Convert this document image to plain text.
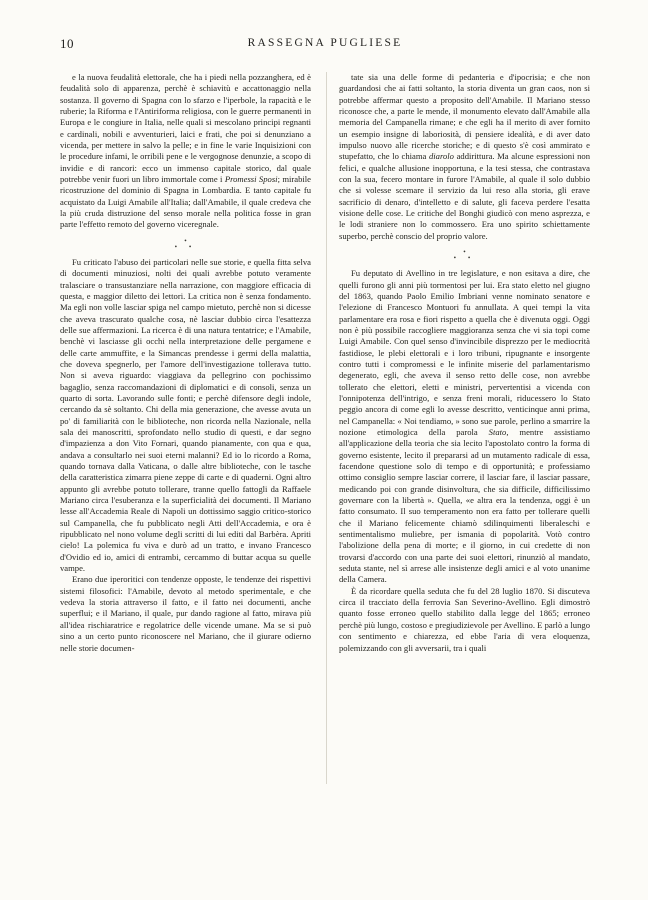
10	RASSEGNA PUGLIESE

e la nuova feudalità elettorale, che ha i piedi nella pozzanghera, ed è feudalità solo di apparenza, perchè è schiavitù e accattonaggio nella sostanza. Il governo di Spagna con lo sfarzo e l'iperbole, la rapacità e le ruberie; la Riforma e l'Antiriforma religiosa, con le guerre permanenti in Europa e le congiure in Italia, nelle quali si mescolano principi regnanti e cardinali, nobili e avventurieri, laici e frati, che poi si denunziano a vicenda, per mettere in salvo la pelle; e in fine le varie Inquisizioni con le procedure infami, le orribili pene e le vergognose denunzie, a scopo di invidie e di rancori: ecco un immenso capitale storico, dal quale potrebbe venir fuori un libro immortale come i Promessi Sposi; mirabile ricostruzione del dominio di Spagna in Lombardia. E tanto capitale fu acquistato da Luigi Amabile all'Italia; dall'Amabile, il quale credeva che la più cruda distruzione del senso morale nella politica fosse in gran parte l'effetto remoto del governo viceregnale.

•
• •

Fu criticato l'abuso dei particolari nelle sue storie, e quella fitta selva di documenti minuziosi, nolti dei quali avrebbe potuto veramente tralasciare o transustanziare nella narrazione, con maggiore efficacia di questa, e maggior diletto dei lettori. La critica non è senza fondamento. Ma egli non volle lasciar spiga nel campo mietuto, perchè non si dicesse che aveva trascurato qualche cosa, nè lasciar dubbio circa l'esattezza delle sue affermazioni. La ricerca è di una natura tentatrice; e l'Amabile, benchè vi lasciasse gli occhi nella interpretazione delle pergamene e delle carte ammuffite, e la Simancas prendesse i germi della malattia, che doveva spegnerlo, per l'amore dell'investigazione tollerava tutto. Non si aveva riguardo: viaggiava da pellegrino con pochissimo bagaglio, senza raccomandazioni di diplomatici e di consoli, senza un quarto di sorta. Lavorando sulle fonti; e perchè difensore degli indole, cercando da sè soltanto. Chi della mia generazione, che avesse avuta un po' di familiarità con le biblioteche, non ricorda nella Nazionale, nella sala dei manoscritti, sprofondato nello studio di questi, e dar segno d'impazienza a don Vito Fornari, quando pianamente, con qua e qua, andava a consultarlo nei suoi eterni malanni? Ed io lo ricordo a Roma, quando tornava dalla Vaticana, o dalle altre biblioteche, con le tasche della caratteristica zimarra piene zeppe di carte e di quaderni. Ogni altro appunto gli avrebbe potuto tollerare, tranne quello fattogli da Raffaele Mariano circa l'esuberanza e la superficialità dei documenti. Il Mariano lesse all'Accademia Reale di Napoli un dottissimo saggio critico-storico sul Campanella, che fu pubblicato negli Atti dell'Accademia, e ora è ripubblicato nel nono volume degli scritti di lui editi dal Barbèra. Apriti cielo! La polemica fu viva e durò ad un tratto, e invano Francesco d'Ovidio ed io, amici di entrambi, cercammo di buttar acqua su quelle vampe.

Erano due iperoritici con tendenze opposte, le tendenze dei rispettivi sistemi filosofici: l'Amabile, devoto al metodo sperimentale, e che vedeva la storia attraverso il fatto, e il fatto nei documenti, anche superflui; e il Mariano, il quale, pur dando ragione al fatto, mirava più all'idea rischiaratrice e regolatrice delle vicende umane. Ma se si può sino a un certo punto riconoscere nel Mariano, che il giurare odierno nelle storie documen-

tate sia una delle forme di pedanteria e d'ipocrisia; e che non guardandosi che ai fatti soltanto, la storia diventa un gran caos, non si potrebbe affermar questo a proposito dell'Amabile. Il Mariano stesso riconosce che, a parte le mende, il monumento elevato dall'Amabile alla memoria del Campanella rimane; e che egli ha il merito di aver fornito un esempio insigne di laboriosità, di pensiere idealítà, e di aver dato impulso nuovo alle ricerche storiche; e di questo s'è così ammirato e stupefatto, che lo chiama diarolo addirittura. Ma alcune espressioni non felici, e qualche allusione inopportuna, e la tesi stessa, che contrastava con la sua, fecero montare in furore l'Amabile, al quale il solo dubbio che si volesse scemare il servizio da lui reso alla storia, gli erave sacrificio di denaro, d'intelletto e di salute, gli faceva perdere l'esatta visione delle cose. Le critiche del Bonghi giudicò con meno asprezza, e le lodi straniere non lo commossero. Era uno spirito schiettamente superbo, perchè conscio del proprio valore.

•
• •

Fu deputato di Avellino in tre legislature, e non esitava a dire, che quelli furono gli anni più tormentosi per lui. Era stato eletto nel giugno del 1863, quando Paolo Emilio Imbriani venne nominato senatore e l'elezione di Francesco Montuori fu annullata. A quei tempi la vita parlamentare era rosa e fiori rispetto a quella che è divenuta oggi. Oggi non è più possibile raccogliere maggioranza senza che vi sia topi come Luigi Amabile. Con quel senso d'invincibile disprezzo per le mediocrità fastidiose, le plebi elettorali e i loro tribuni, ripugnante e insorgente contro tutti i compromessi e le infinite miserie del parlamentarismo degenerato, egli, che aveva il senso retto delle cose, non avrebbe tollerato che elettori, eletti e ministri, pervertentisi a vicenda con l'onnipotenza dell'intrigo, e senza freni morali, riducessero lo Stato peggio ancora di come egli lo avesse descritto, venticinque anni prima, nel Campanella: « Noi tendiamo, » sono sue parole, perlino a smarrire la nozione etimologica della parola Stato, mentre assistiamo all'applicazione della teoria che sia lecito l'apostolato contro la forma di governo esistente, lecito il prepararsi ad un mutamento radicale di essa, facendone questione solo di tempo e di opportunità; e professiamo ottimo consiglio sempre lasciar correre, il lasciar fare, il lasciar passare, medicando poi con grande disinvoltura, che sia difficile, difficilissimo governare con la libertà ». Quella, «e altra era la tendenza, oggi è un fatto consumato. Il suo temperamento non era fatto per tollerare quelli che il Mariano felicemente chiamò sdilinquimenti liberaleschi e sentimentalismo muliebre, per ismania di popolarità. Votò contro l'abolizione della pena di morte; e il giorno, in cui credette di non trovarsi d'accordo con una parte dei suoi elettori, rinunziò al mandato, seduta stante, nel sì arrese alle insistenze degli amici e al voto unanime della Camera.

È da ricordare quella seduta che fu del 28 luglio 1870. Si discuteva circa il tracciato della ferrovia San Severino-Avellino. Egli dimostrò quanto fosse erroneo quello stabilito dalla legge del 1865; erroneo perchè più lungo, costoso e pregiudizievole per Avellino. E parlò a lungo con sentimento e chiarezza, ed ebbe l'aria di vera eloquenza, polemizzando con gli avversarii, tra i quali
